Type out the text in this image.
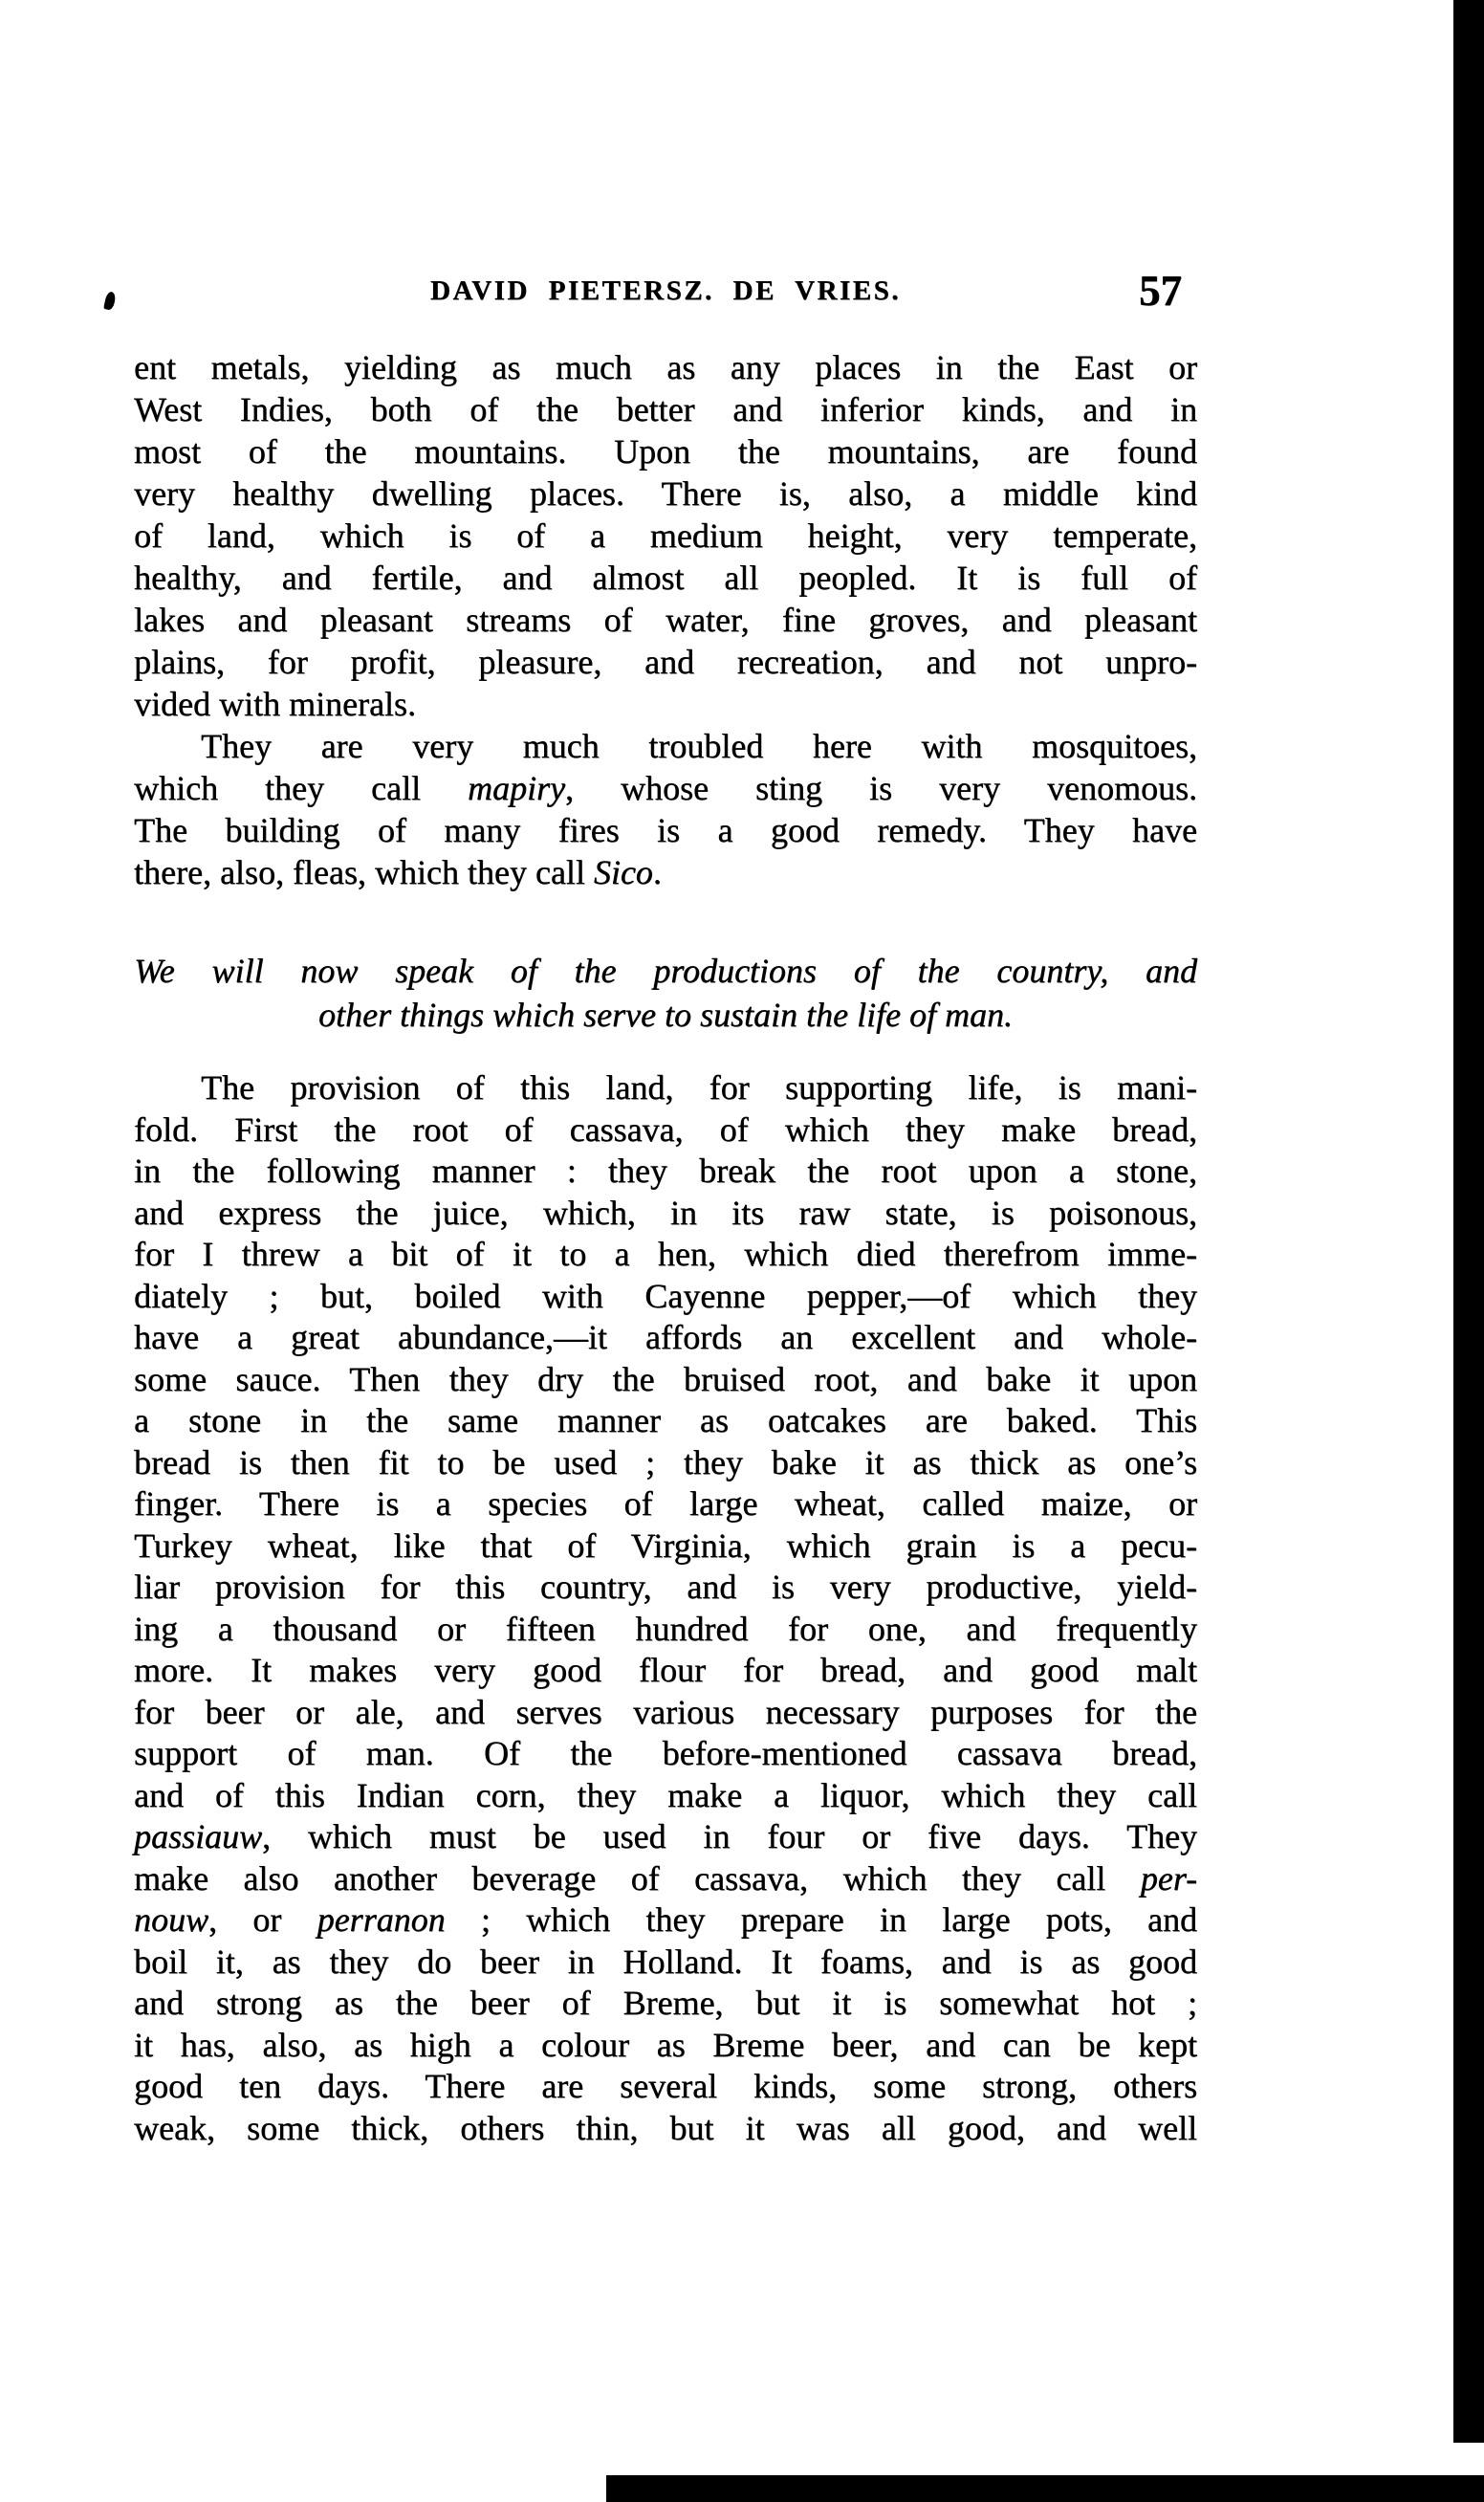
DAVID PIETERSZ. DE VRIES.	57
ent metals, yielding as much as any places in the East or
West Indies, both of the better and inferior kinds, and in
most of the mountains. Upon the mountains, are found
very healthy dwelling places. There is, also, a middle kind
of land, which is of a medium height, very temperate,
healthy, and fertile, and almost all peopled. It is full of
lakes and pleasant streams of water, fine groves, and pleasant
plains, for profit, pleasure, and recreation, and not unpro-
vided with minerals.
They are very much troubled here with mosquitoes,
which they call mapiry, whose sting is very venomous.
The building of many fires is a good remedy. They have
there, also, fleas, which they call Sico.
We will now speak of the productions of the country, and
other things which serve to sustain the life of man.
The provision of this land, for supporting life, is mani-
fold. First the root of cassava, of which they make bread,
in the following manner : they break the root upon a stone,
and express the juice, which, in its raw state, is poisonous,
for I threw a bit of it to a hen, which died therefrom imme-
diately ; but, boiled with Cayenne pepper,—of which they
have a great abundance,—it affords an excellent and whole-
some sauce. Then they dry the bruised root, and bake it upon
a stone in the same manner as oatcakes are baked. This
bread is then fit to be used ; they bake it as thick as one’s
finger. There is a species of large wheat, called maize, or
Turkey wheat, like that of Virginia, which grain is a pecu-
liar provision for this country, and is very productive, yield-
ing a thousand or fifteen hundred for one, and frequently
more. It makes very good flour for bread, and good malt
for beer or ale, and serves various necessary purposes for the
support of man. Of the before-mentioned cassava bread,
and of this Indian corn, they make a liquor, which they call
passiauw, which must be used in four or five days. They
make also another beverage of cassava, which they call per-
nouw, or perranon ; which they prepare in large pots, and
boil it, as they do beer in Holland. It foams, and is as good
and strong as the beer of Breme, but it is somewhat hot ;
it has, also, as high a colour as Breme beer, and can be kept
good ten days. There are several kinds, some strong, others
weak, some thick, others thin, but it was all good, and well
